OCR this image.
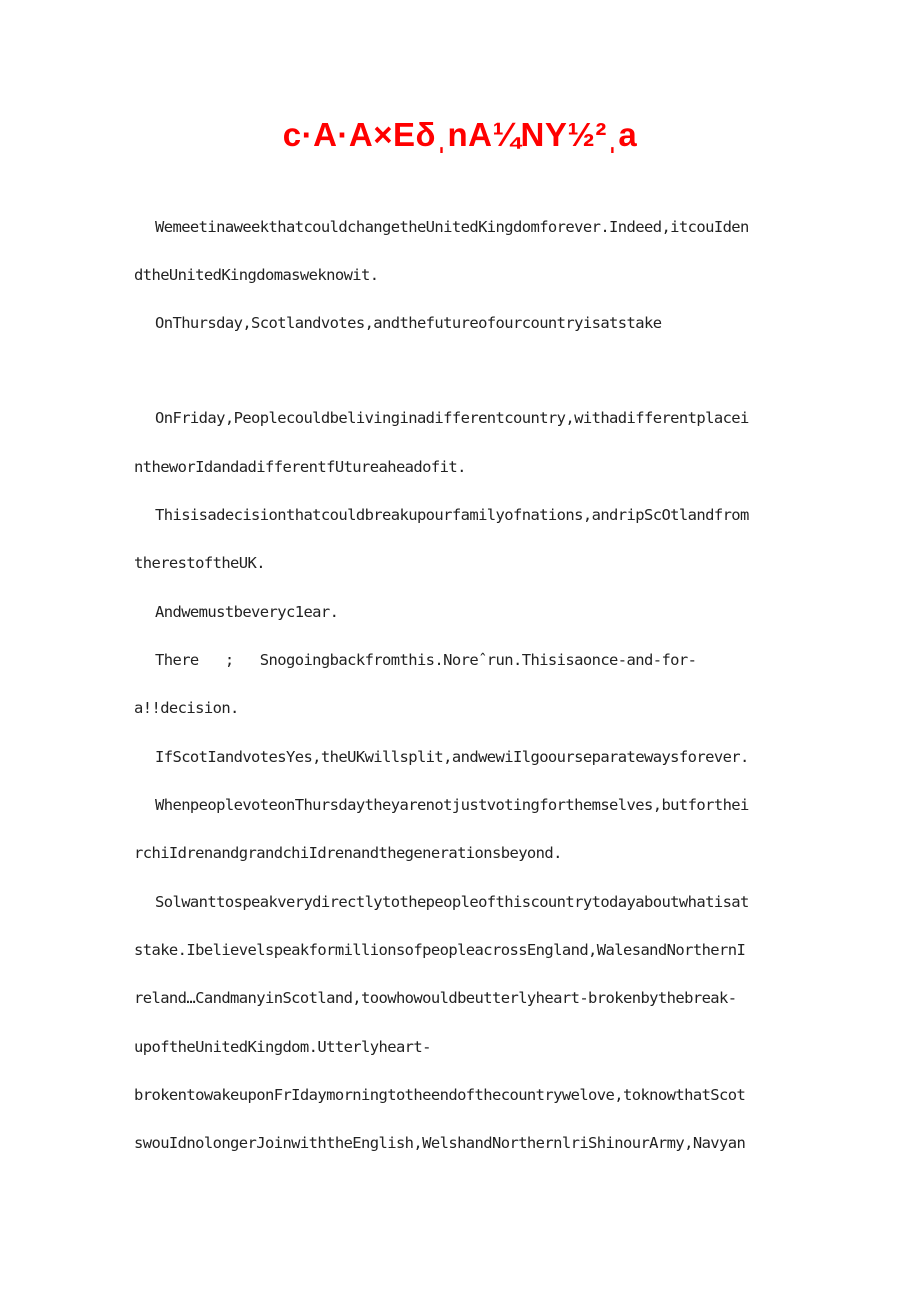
c·A·A×EδˌnA¼NY½²ˌa
WemeetinaweekthatcouldchangetheUnitedKingdomforever.Indeed,itcouIden
dtheUnitedKingdomasweknowit.
OnThursday,Scotlandvotes,andthefutureofourcountryisatstake
OnFriday,Peoplecouldbelivinginadifferentcountry,withadifferentplacei
ntheworIdandadifferentfUtureaheadofit.
Thisisadecisionthatcouldbreakupourfamilyofnations,andripScOtlandfrom
therestoftheUK.
Andwemustbeveryc1ear.
There   ;   Snogoingbackfromthis.Noreˆrun.Thisisaonce-and-for-
a!!decision.
IfScotIandvotesYes,theUKwillsplit,andwewiIlgoourseparatewaysforever.
WhenpeoplevoteonThursdaytheyarenotjustvotingforthemselves,butforthei
rchiIdrenandgrandchiIdrenandthegenerationsbeyond.
Solwanttospeakverydirectlytothepeopleofthiscountrytodayaboutwhatisat
stake.IbelievelspeakformillionsofpeopleacrossEngland,WalesandNorthernI
reland…CandmanyinScotland,toowhowouldbeutterlyheart-brokenbythebreak-
upoftheUnitedKingdom.Utterlyheart-
brokentowakeuponFrIdaymorningtotheendofthecountrywelove,toknowthatScot
swouIdnolongerJoinwiththeEnglish,WelshandNorthernlriShinourArmy,Navyan
